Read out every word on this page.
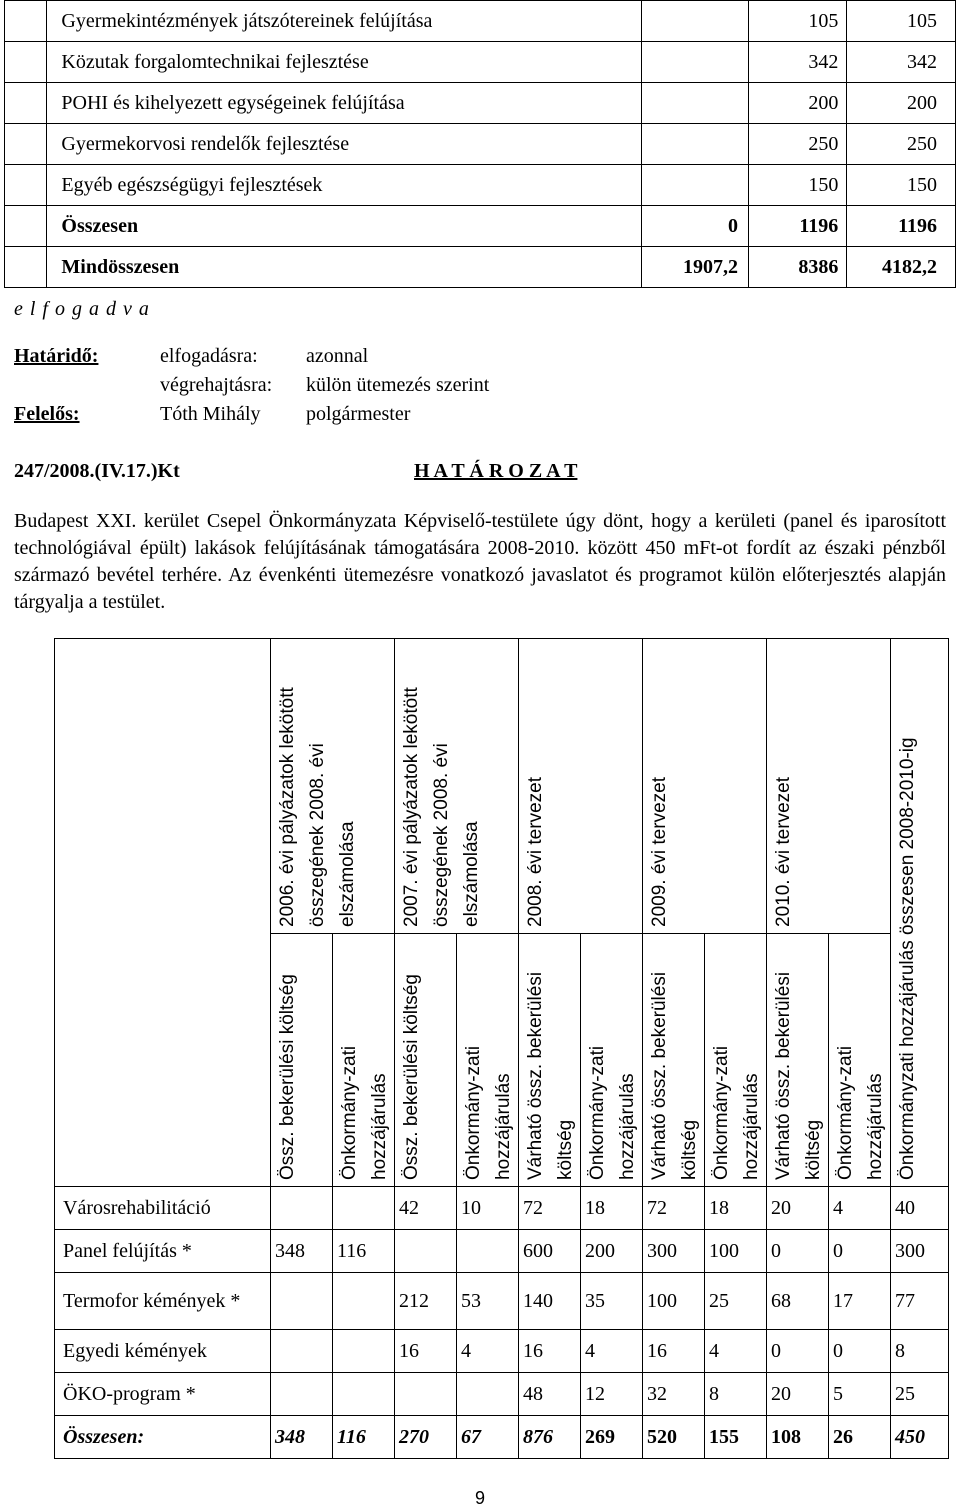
	Gyermekintézmények játszótereinek felújítása		105	105
	Közutak forgalomtechnikai fejlesztése		342	342
	POHI és kihelyezett egységeinek felújítása		200	200
	Gyermekorvosi rendelők fejlesztése		250	250
	Egyéb egészségügyi fejlesztések		150	150
	Összesen	0	1196	1196
	Mindösszesen	1907,2	8386	4182,2
e l f o g a d v a
Határidő:	elfogadásra: azonnal
végrehajtásra: külön ütemezés szerint
Felelős:	Tóth Mihály polgármester
247/2008.(IV.17.)Kt	H A T Á R O Z A T
Budapest XXI. kerület Csepel Önkormányzata Képviselő-testülete úgy dönt, hogy a kerületi (panel és iparosított technológiával épült) lakások felújításának támogatására 2008-2010. között 450 mFt-ot fordít az északi pénzből származó bevétel terhére. Az évenkénti ütemezésre vonatkozó javaslatot és programot külön előterjesztés alapján tárgyalja a testület.

	2006. évi pályázatok lekötött összegének 2008. évi elszámolása		2007. évi pályázatok lekötött összegének 2008. évi elszámolása		2008. évi tervezet		2009. évi tervezet		2010. évi tervezet		Önkormányzati hozzájárulás összesen 2008-2010-ig

	Össz. bekerülési költség	Önkormány-zati hozzájárulás	Össz. bekerülési költség	Önkormány-zati hozzájárulás	Várható össz. bekerülési költség	Önkormány-zati hozzájárulás	Várható össz. bekerülési költség	Önkormány-zati hozzájárulás	Várható össz. bekerülési költség	Önkormány-zati hozzájárulás	

Városrehabilitáció			42	10	72	18	72	18	20	4	40
Panel felújítás *	348	116			600	200	300	100	0	0	300
Termofor kémények *			212	53	140	35	100	25	68	17	77
Egyedi kémények			16	4	16	4	16	4	0	0	8
ÖKO-program *					48	12	32	8	20	5	25
Összesen:	348	116	270	67	876	269	520	155	108	26	450
9
